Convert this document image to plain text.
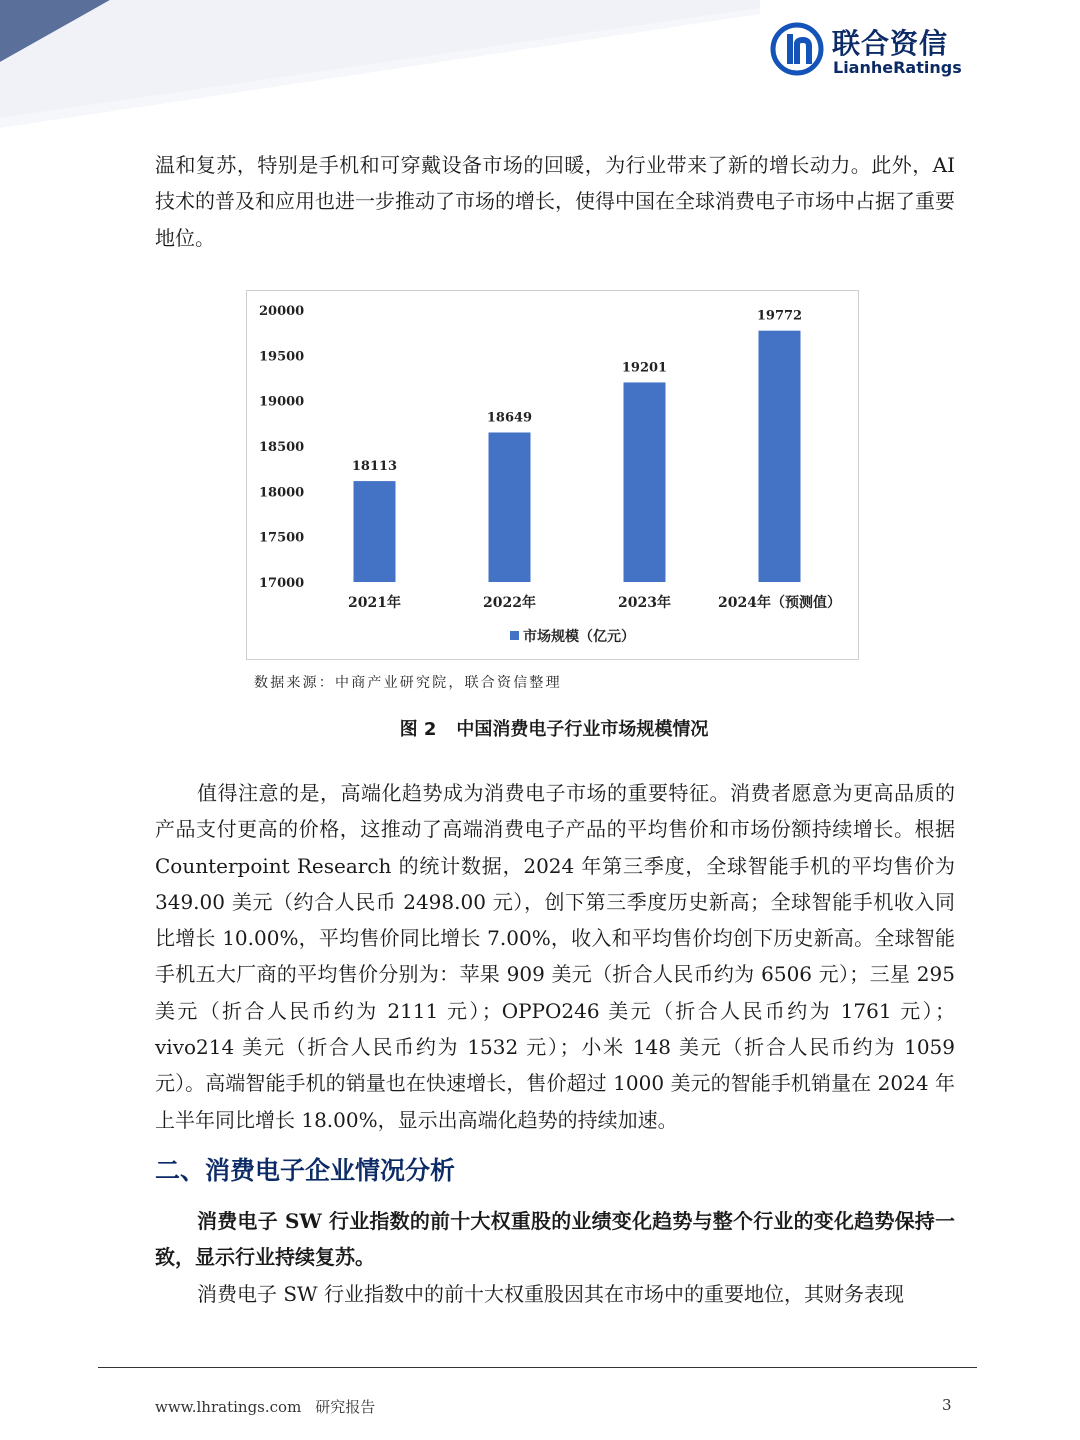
联合资信
LianheRatings

温和复苏，特别是手机和可穿戴设备市场的回暖，为行业带来了新的增长动力。此外，AI 技术的普及和应用也进一步推动了市场的增长，使得中国在全球消费电子市场中占据了重要地位。

17000
17500
18000
18500
19000
19500
20000
18113
2021年
18649
2022年
19201
2023年
19772
2024年（预测值）
市场规模（亿元）
数据来源：中商产业研究院，联合资信整理
图 2 中国消费电子行业市场规模情况

值得注意的是，高端化趋势成为消费电子市场的重要特征。消费者愿意为更高品质的产品支付更高的价格，这推动了高端消费电子产品的平均售价和市场份额持续增长。根据 Counterpoint Research 的统计数据，2024 年第三季度，全球智能手机的平均售价为 349.00 美元（约合人民币 2498.00 元），创下第三季度历史新高；全球智能手机收入同比增长 10.00%，平均售价同比增长 7.00%，收入和平均售价均创下历史新高。全球智能手机五大厂商的平均售价分别为：苹果 909 美元（折合人民币约为 6506 元）；三星 295 美元（折合人民币约为 2111 元）；OPPO246 美元（折合人民币约为 1761 元）；vivo214 美元（折合人民币约为 1532 元）；小米 148 美元（折合人民币约为 1059 元）。高端智能手机的销量也在快速增长，售价超过 1000 美元的智能手机销量在 2024 年上半年同比增长 18.00%，显示出高端化趋势的持续加速。

二、消费电子企业情况分析

消费电子 SW 行业指数的前十大权重股的业绩变化趋势与整个行业的变化趋势保持一致，显示行业持续复苏。

消费电子 SW 行业指数中的前十大权重股因其在市场中的重要地位，其财务表现

www.lhratings.com 研究报告	3
